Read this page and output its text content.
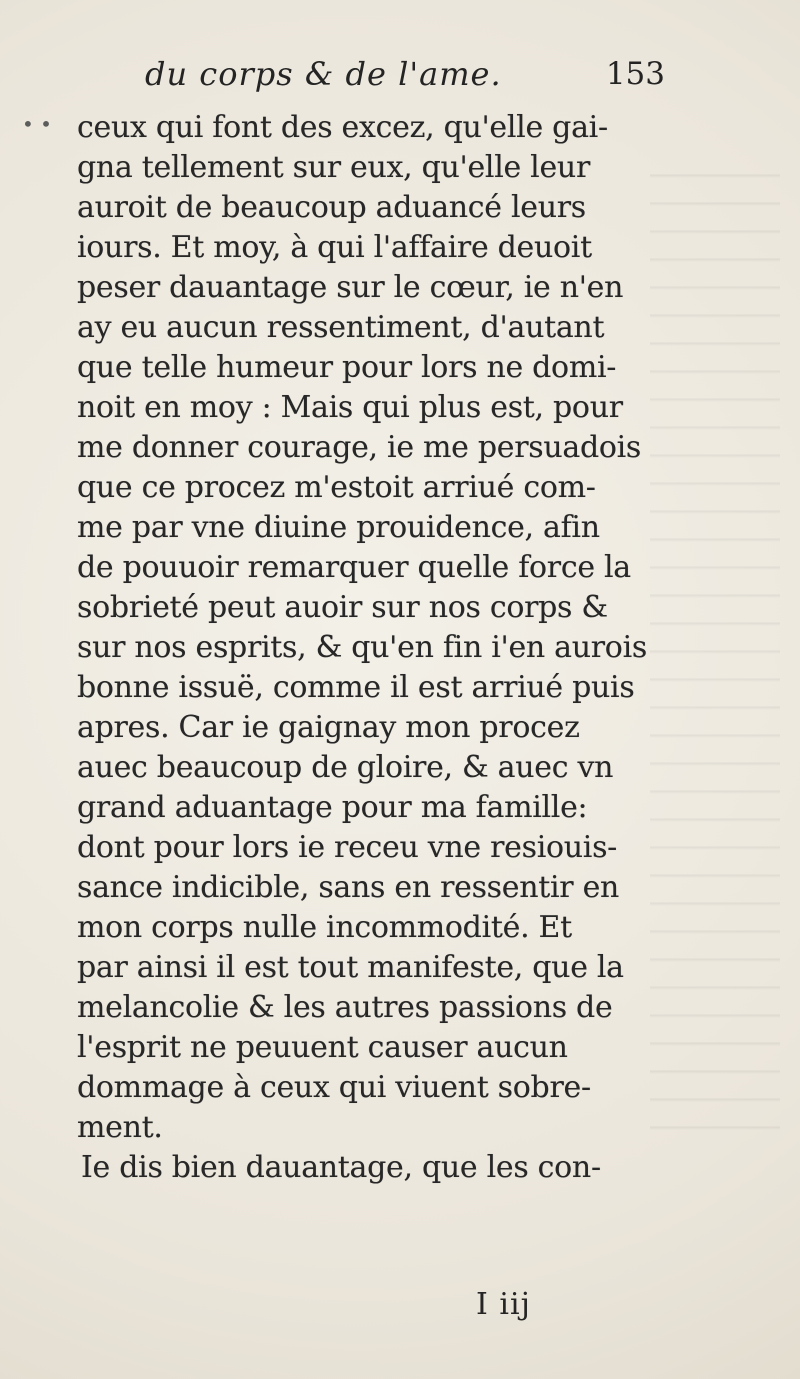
• •
du corps & de l'ame.	153
ceux qui font des excez, qu'elle gai-
gna tellement sur eux, qu'elle leur
auroit de beaucoup aduancé leurs
iours. Et moy, à qui l'affaire deuoit
peser dauantage sur le cœur, ie n'en
ay eu aucun ressentiment, d'autant
que telle humeur pour lors ne domi-
noit en moy : Mais qui plus est, pour
me donner courage, ie me persuadois
que ce procez m'estoit arriué com-
me par vne diuine prouidence, afin
de pouuoir remarquer quelle force la
sobrieté peut auoir sur nos corps &
sur nos esprits, & qu'en fin i'en aurois
bonne issuë, comme il est arriué puis
apres. Car ie gaignay mon procez
auec beaucoup de gloire, & auec vn
grand aduantage pour ma famille:
dont pour lors ie receu vne resiouis-
sance indicible, sans en ressentir en
mon corps nulle incommodité. Et
par ainsi il est tout manifeste, que la
melancolie & les autres passions de
l'esprit ne peuuent causer aucun
dommage à ceux qui viuent sobre-
ment.
Ie dis bien dauantage, que les con-
I iij
